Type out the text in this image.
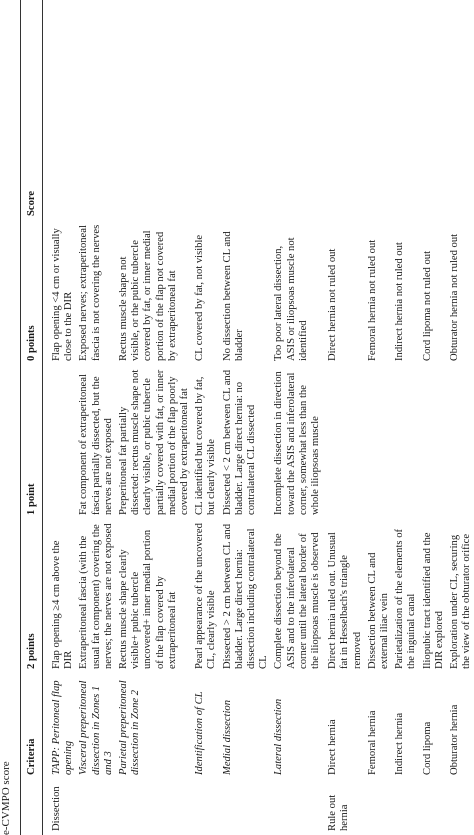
e-CVMPO score
	Criteria	2 points	1 point	0 points	Score
Dissection	TAPP: Peritoneal flap opening	Flap opening ≥4 cm above the DIR		Flap opening <4 cm or visually close to the DIR	
	Visceral preperitoneal dissection in Zones 1 and 3	Extraperitoneal fascia (with the usual fat component) covering the nerves; the nerves are not exposed	Fat component of extraperitoneal fascia partially dissected, but the nerves are not exposed	Exposed nerves; extraperitoneal fascia is not covering the nerves	
	Parietal preperitoneal dissection in Zone 2	Rectus muscle shape clearly visible+ pubic tubercle uncovered+ inner medial portion of the flap covered by extraperitoneal fat	Preperitoneal fat partially dissected: rectus muscle shape not clearly visible, or pubic tubercle partially covered with fat, or inner medial portion of the flap poorly covered by extraperitoneal fat	Rectus muscle shape not visible, or the pubic tubercle covered by fat, or inner medial portion of the flap not covered by extraperitoneal fat	
	Identification of CL	Pearl appearance of the uncovered CL, clearly visible	CL identified but covered by fat, but clearly visible	CL covered by fat, not visible	
	Medial dissection	Dissected > 2 cm between CL and bladder. Large direct hernia: dissection including contralateral CL	Dissected < 2 cm between CL and bladder. Large direct hernia: no contralateral CL dissected	No dissection between CL and bladder	
	Lateral dissection	Complete dissection beyond the ASIS and to the inferolateral corner until the lateral border of the iliopsoas muscle is observed	Incomplete dissection in direction toward the ASIS and inferolateral corner, somewhat less than the whole iliopsoas muscle	Too poor lateral dissection, ASIS or iliopsoas muscle not identified	
Rule out hernia	Direct hernia	Direct hernia ruled out. Unusual fat in Hesselbach's triangle removed		Direct hernia not ruled out	
	Femoral hernia	Dissection between CL and external iliac vein		Femoral hernia not ruled out	
	Indirect hernia	Parietalization of the elements of the inguinal canal		Indirect hernia not ruled out	
	Cord lipoma	Iliopubic tract identified and the DIR explored		Cord lipoma not ruled out	
	Obturator hernia	Exploration under CL, securing the view of the obturator orifice		Obturator hernia not ruled out	
